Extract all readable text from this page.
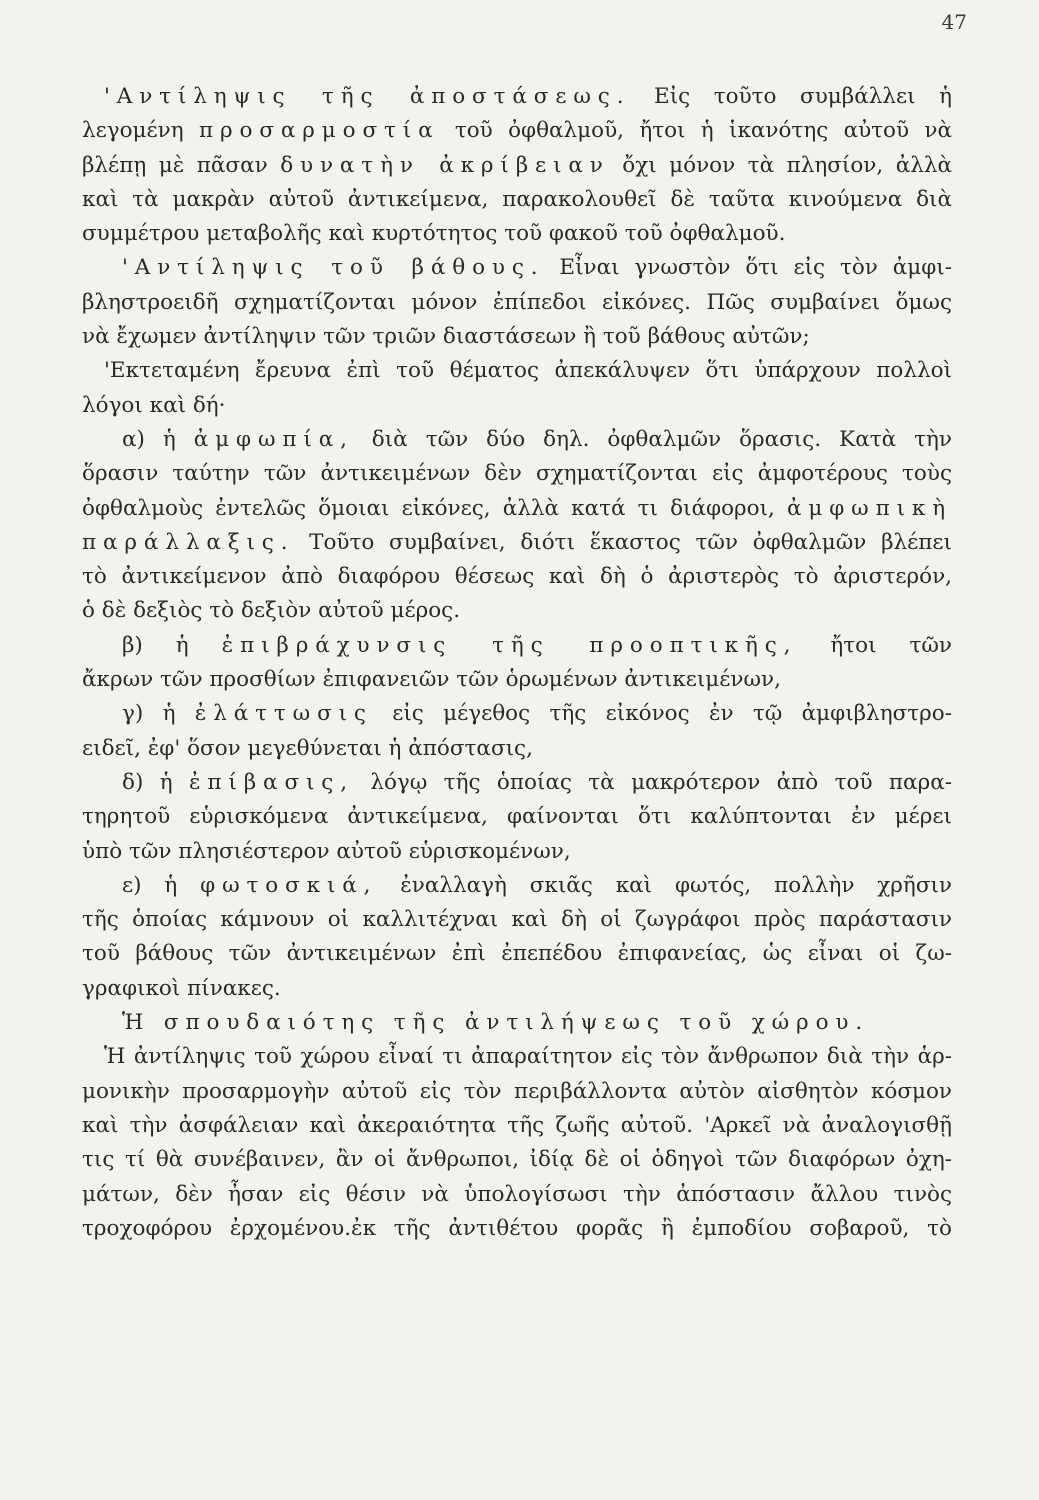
47
'Αντίληψις τῆς ἀποστάσεως. Εἰς τοῦτο συμβάλλει ἡ
λεγομένη προσαρμοστία τοῦ ὀφθαλμοῦ, ἤτοι ἡ ἱκανότης αὐτοῦ νὰ
βλέπῃ μὲ πᾶσαν δυνατὴν ἀκρίβειαν ὄχι μόνον τὰ πλησίον, ἀλλὰ
καὶ τὰ μακρὰν αὐτοῦ ἀντικείμενα, παρακολουθεῖ δὲ ταῦτα κινούμενα διὰ
συμμέτρου μεταβολῆς καὶ κυρτότητος τοῦ φακοῦ τοῦ ὀφθαλμοῦ.
'Αντίληψις τοῦ βάθους. Εἶναι γνωστὸν ὅτι εἰς τὸν ἀμφι-
βληστροειδῆ σχηματίζονται μόνον ἐπίπεδοι εἰκόνες. Πῶς συμβαίνει ὅμως
νὰ ἔχωμεν ἀντίληψιν τῶν τριῶν διαστάσεων ἢ τοῦ βάθους αὐτῶν;
'Εκτεταμένη ἔρευνα ἐπὶ τοῦ θέματος ἀπεκάλυψεν ὅτι ὑπάρχουν πολλοὶ
λόγοι καὶ δή·
α) ἡ ἀμφωπία, διὰ τῶν δύο δηλ. ὀφθαλμῶν ὅρασις. Κατὰ τὴν
ὅρασιν ταύτην τῶν ἀντικειμένων δὲν σχηματίζονται εἰς ἀμφοτέρους τοὺς
ὀφθαλμοὺς ἐντελῶς ὅμοιαι εἰκόνες, ἀλλὰ κατά τι διάφοροι, ἀμφωπικὴ
παράλλαξις. Τοῦτο συμβαίνει, διότι ἕκαστος τῶν ὀφθαλμῶν βλέπει
τὸ ἀντικείμενον ἀπὸ διαφόρου θέσεως καὶ δὴ ὁ ἀριστερὸς τὸ ἀριστερόν,
ὁ δὲ δεξιὸς τὸ δεξιὸν αὐτοῦ μέρος.
β) ἡ ἐπιβράχυνσις τῆς προοπτικῆς, ἤτοι τῶν
ἄκρων τῶν προσθίων ἐπιφανειῶν τῶν ὁρωμένων ἀντικειμένων,
γ) ἡ ἐλάττωσις εἰς μέγεθος τῆς εἰκόνος ἐν τῷ ἀμφιβληστρο-
ειδεῖ, ἐφ' ὅσον μεγεθύνεται ἡ ἀπόστασις,
δ) ἡ ἐπίβασις, λόγῳ τῆς ὁποίας τὰ μακρότερον ἀπὸ τοῦ παρα-
τηρητοῦ εὑρισκόμενα ἀντικείμενα, φαίνονται ὅτι καλύπτονται ἐν μέρει
ὑπὸ τῶν πλησιέστερον αὐτοῦ εὑρισκομένων,
ε) ἡ φωτοσκιά, ἐναλλαγὴ σκιᾶς καὶ φωτός, πολλὴν χρῆσιν
τῆς ὁποίας κάμνουν οἱ καλλιτέχναι καὶ δὴ οἱ ζωγράφοι πρὸς παράστασιν
τοῦ βάθους τῶν ἀντικειμένων ἐπὶ ἐπεπέδου ἐπιφανείας, ὡς εἶναι οἱ ζω-
γραφικοὶ πίνακες.
Ἡ σπουδαιότης τῆς ἀντιλήψεως τοῦ χώρου.
Ἡ ἀντίληψις τοῦ χώρου εἶναί τι ἀπαραίτητον εἰς τὸν ἄνθρωπον διὰ τὴν ἁρ-
μονικὴν προσαρμογὴν αὐτοῦ εἰς τὸν περιβάλλοντα αὐτὸν αἰσθητὸν κόσμον
καὶ τὴν ἀσφάλειαν καὶ ἀκεραιότητα τῆς ζωῆς αὐτοῦ. 'Αρκεῖ νὰ ἀναλογισθῇ
τις τί θὰ συνέβαινεν, ἂν οἱ ἄνθρωποι, ἰδίᾳ δὲ οἱ ὁδηγοὶ τῶν διαφόρων ὀχη-
μάτων, δὲν ἦσαν εἰς θέσιν νὰ ὑπολογίσωσι τὴν ἀπόστασιν ἄλλου τινὸς
τροχοφόρου ἐρχομένου.ἐκ τῆς ἀντιθέτου φορᾶς ἢ ἐμποδίου σοβαροῦ, τὸ
